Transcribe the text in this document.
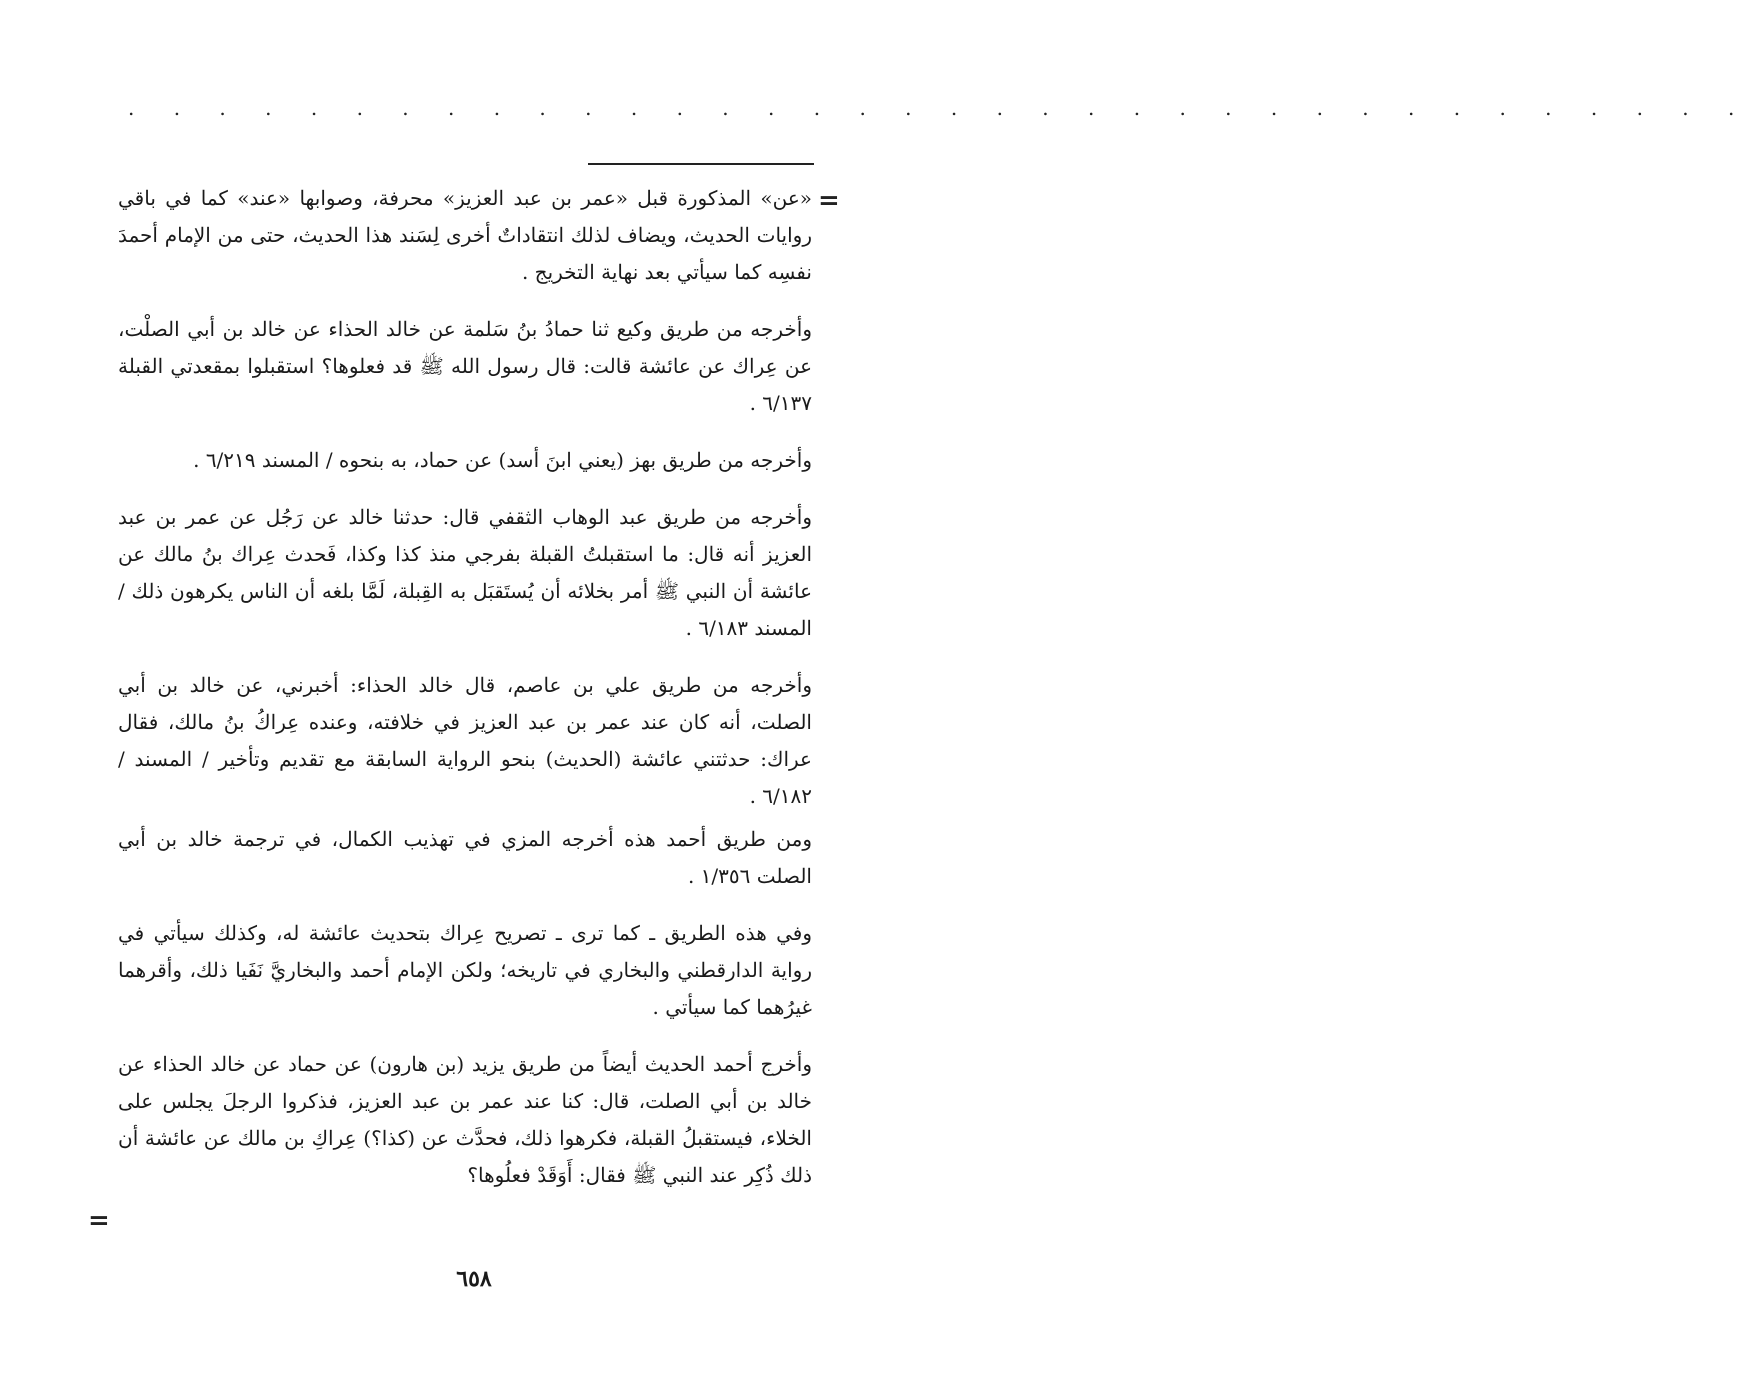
. . . . . . . . . . . . . . . . . . . . . . . . . . . . . . . . . . . .
=

«عن» المذكورة قبل «عمر بن عبد العزيز» محرفة، وصوابها «عند» كما في باقي روايات الحديث، ويضاف لذلك انتقاداتٌ أخرى لِسَند هذا الحديث، حتى من الإمام أحمدَ نفسِه كما سيأتي بعد نهاية التخريج .

وأخرجه من طريق وكيع ثنا حمادُ بنُ سَلمة عن خالد الحذاء عن خالد بن أبي الصلْت، عن عِراك عن عائشة قالت: قال رسول الله ﷺ قد فعلوها؟ استقبلوا بمقعدتي القبلة ٦/١٣٧ .

وأخرجه من طريق بهز (يعني ابنَ أسد) عن حماد، به بنحوه / المسند ٦/٢١٩ .

وأخرجه من طريق عبد الوهاب الثقفي قال: حدثنا خالد عن رَجُل عن عمر بن عبد العزيز أنه قال: ما استقبلتُ القبلة بفرجي منذ كذا وكذا، فَحدث عِراك بنُ مالك عن عائشة أن النبي ﷺ أمر بخلائه أن يُستَقبَل به القِبلة، لَمَّا بلغه أن الناس يكرهون ذلك / المسند ٦/١٨٣ .

وأخرجه من طريق علي بن عاصم، قال خالد الحذاء: أخبرني، عن خالد بن أبي الصلت، أنه كان عند عمر بن عبد العزيز في خلافته، وعنده عِراكُ بنُ مالك، فقال عراك: حدثتني عائشة (الحديث) بنحو الرواية السابقة مع تقديم وتأخير / المسند / ٦/١٨٢ .

ومن طريق أحمد هذه أخرجه المزي في تهذيب الكمال، في ترجمة خالد بن أبي الصلت ١/٣٥٦ .

وفي هذه الطريق ـ كما ترى ـ تصريح عِراك بتحديث عائشة له، وكذلك سيأتي في رواية الدارقطني والبخاري في تاريخه؛ ولكن الإمام أحمد والبخاريَّ نَفَيا ذلك، وأقرهما غيرُهما كما سيأتي .

وأخرج أحمد الحديث أيضاً من طريق يزيد (بن هارون) عن حماد عن خالد الحذاء عن خالد بن أبي الصلت، قال: كنا عند عمر بن عبد العزيز، فذكروا الرجلَ يجلس على الخلاء، فيستقبلُ القبلة، فكرهوا ذلك، فحدَّث عن (كذا؟) عِراكِ بن مالك عن عائشة أن ذلك ذُكِر عند النبي ﷺ فقال: أَوَقَدْ فعلُوها؟

=
٦٥٨
